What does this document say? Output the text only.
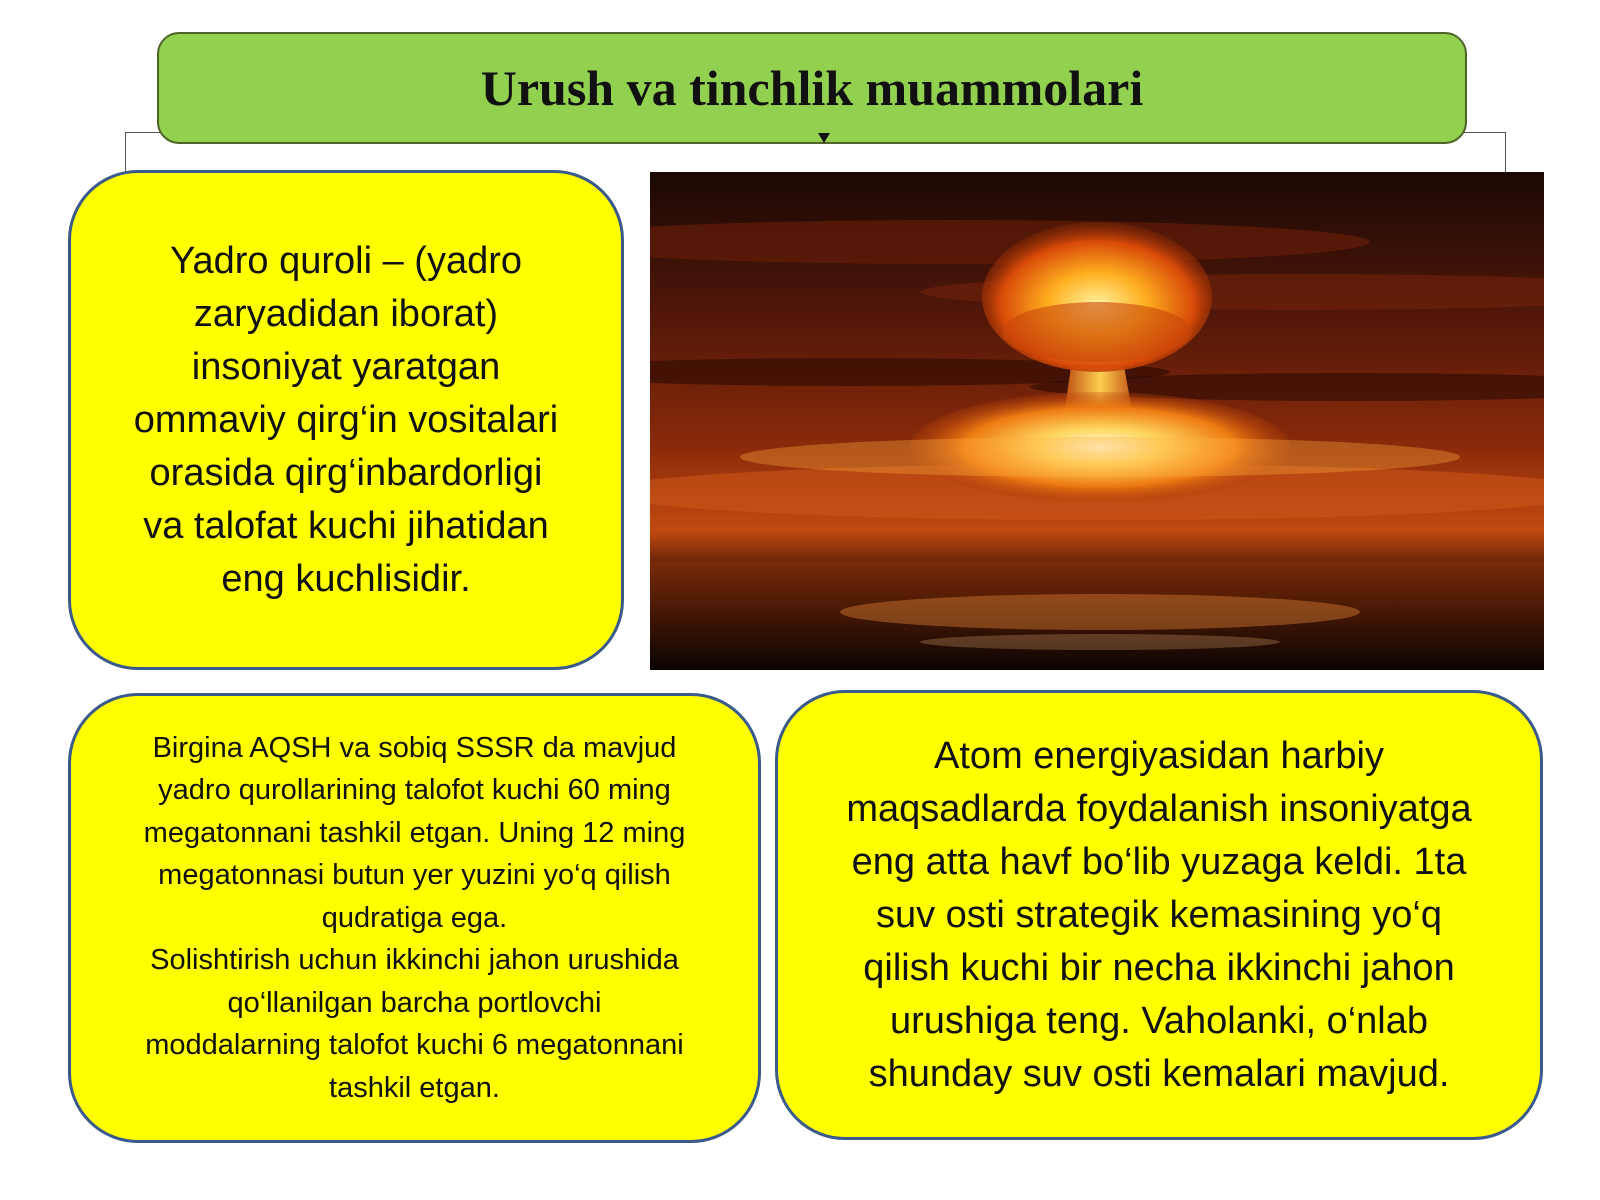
Urush va tinchlik muammolari
Yadro quroli – (yadro
zaryadidan iborat)
insoniyat yaratgan
ommaviy qirg‘in vositalari
orasida qirg‘inbardorligi
va talofat kuchi jihatidan
eng kuchlisidir.
Birgina AQSH va sobiq SSSR da mavjud
yadro qurollarining talofot kuchi 60 ming
megatonnani tashkil etgan. Uning 12 ming
megatonnasi butun yer yuzini yo‘q qilish
qudratiga ega.
Solishtirish uchun ikkinchi jahon urushida
qo‘llanilgan barcha portlovchi
moddalarning talofot kuchi 6 megatonnani
tashkil etgan.
Atom energiyasidan harbiy
maqsadlarda foydalanish insoniyatga
eng atta havf bo‘lib yuzaga keldi. 1ta
suv osti strategik kemasining yo‘q
qilish kuchi bir necha ikkinchi jahon
urushiga teng. Vaholanki, o‘nlab
shunday suv osti kemalari mavjud.
